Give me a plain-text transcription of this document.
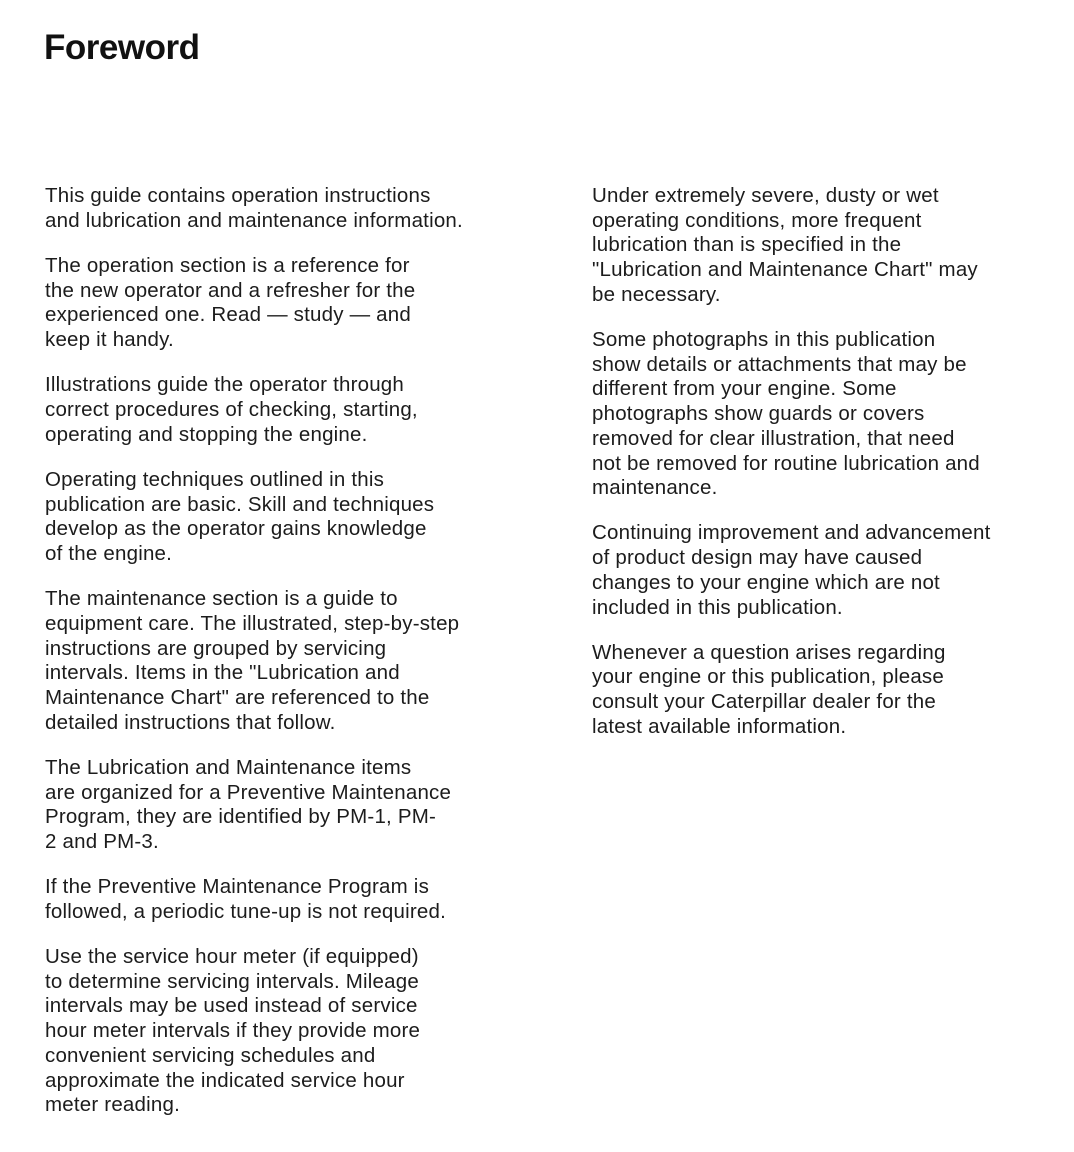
Foreword

This guide contains operation instructions
and lubrication and maintenance information.

The operation section is a reference for
the new operator and a refresher for the
experienced one. Read — study — and
keep it handy.

Illustrations guide the operator through
correct procedures of checking, starting,
operating and stopping the engine.

Operating techniques outlined in this
publication are basic. Skill and techniques
develop as the operator gains knowledge
of the engine.

The maintenance section is a guide to
equipment care. The illustrated, step-by-step
instructions are grouped by servicing
intervals. Items in the "Lubrication and
Maintenance Chart" are referenced to the
detailed instructions that follow.

The Lubrication and Maintenance items
are organized for a Preventive Maintenance
Program, they are identified by PM-1, PM-
2 and PM-3.

If the Preventive Maintenance Program is
followed, a periodic tune-up is not required.

Use the service hour meter (if equipped)
to determine servicing intervals. Mileage
intervals may be used instead of service
hour meter intervals if they provide more
convenient servicing schedules and
approximate the indicated service hour
meter reading.

Under extremely severe, dusty or wet
operating conditions, more frequent
lubrication than is specified in the
"Lubrication and Maintenance Chart" may
be necessary.

Some photographs in this publication
show details or attachments that may be
different from your engine. Some
photographs show guards or covers
removed for clear illustration, that need
not be removed for routine lubrication and
maintenance.

Continuing improvement and advancement
of product design may have caused
changes to your engine which are not
included in this publication.

Whenever a question arises regarding
your engine or this publication, please
consult your Caterpillar dealer for the
latest available information.
